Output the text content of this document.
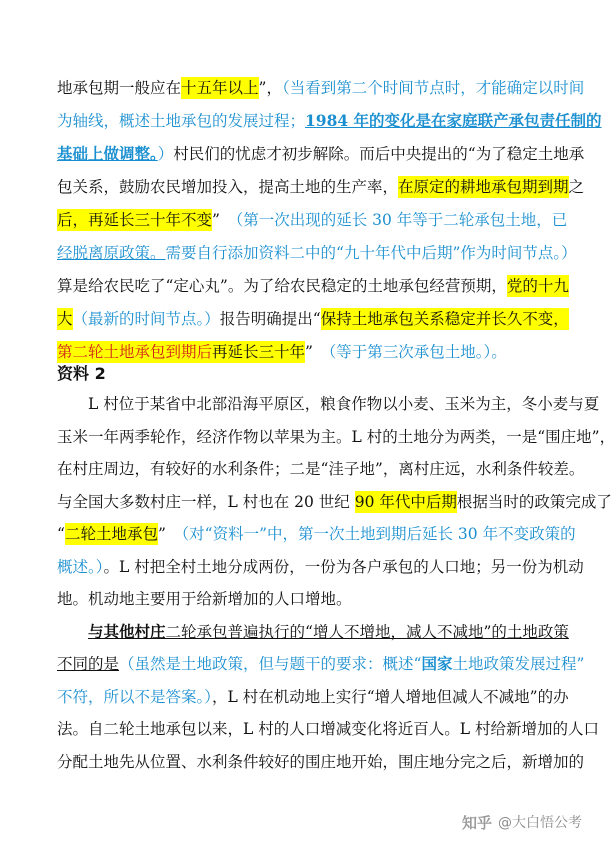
地承包期一般应在十五年以上”，（当看到第二个时间节点时，才能确定以时间
为轴线，概述土地承包的发展过程；1984 年的变化是在家庭联产承包责任制的
基础上做调整。）村民们的忧虑才初步解除。而后中央提出的“为了稳定土地承
包关系，鼓励农民增加投入，提高土地的生产率，在原定的耕地承包期到期之
后，再延长三十年不变”　（第一次出现的延长 30 年等于二轮承包土地，已
经脱离原政策。需要自行添加资料二中的“九十年代中后期”作为时间节点。）
算是给农民吃了“定心丸”。为了给农民稳定的土地承包经营预期，党的十九
大（最新的时间节点。）报告明确提出“保持土地承包关系稳定并长久不变，
第二轮土地承包到期后再延长三十年”　（等于第三次承包土地。）。
资料 2
L 村位于某省中北部沿海平原区，粮食作物以小麦、玉米为主，冬小麦与夏
玉米一年两季轮作，经济作物以苹果为主。L 村的土地分为两类，一是“围庄地”，
在村庄周边，有较好的水利条件；二是“洼子地”，离村庄远，水利条件较差。
与全国大多数村庄一样，L 村也在 20 世纪 90 年代中后期根据当时的政策完成了
“二轮土地承包”　（对“资料一”中，第一次土地到期后延长 30 年不变政策的
概述。）。L 村把全村土地分成两份，一份为各户承包的人口地；另一份为机动
地。机动地主要用于给新增加的人口增地。
与其他村庄二轮承包普遍执行的“增人不增地，减人不减地”的土地政策
不同的是（虽然是土地政策，但与题干的要求：概述“国家土地政策发展过程”
不符，所以不是答案。），L 村在机动地上实行“增人增地但减人不减地”的办
法。自二轮土地承包以来，L 村的人口增减变化将近百人。L 村给新增加的人口
分配土地先从位置、水利条件较好的围庄地开始，围庄地分完之后，新增加的
知乎 @大白悟公考
